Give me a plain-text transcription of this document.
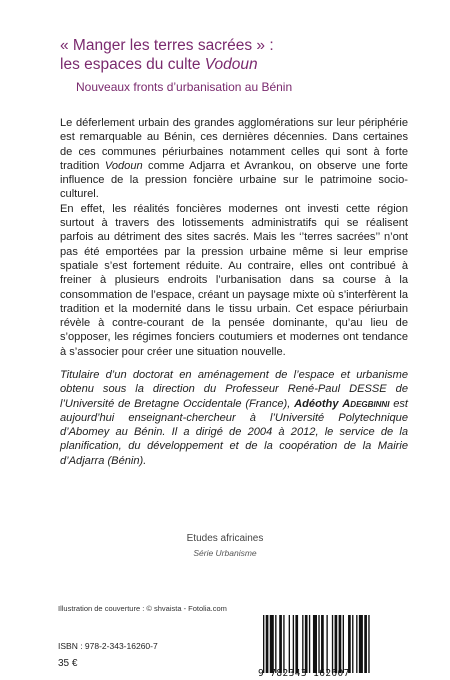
« Manger les terres sacrées » :
les espaces du culte Vodoun
Nouveaux fronts d’urbanisation au Bénin

Le déferlement urbain des grandes agglomérations sur leur périphérie est remarquable au Bénin, ces dernières décennies. Dans certaines de ces communes périurbaines notamment celles qui sont à forte tradition Vodoun comme Adjarra et Avrankou, on observe une forte influence de la pression foncière urbaine sur le patrimoine socio-culturel.

En effet, les réalités foncières modernes ont investi cette région surtout à travers des lotissements administratifs qui se réalisent parfois au détriment des sites sacrés. Mais les ‘’terres sacrées’’ n’ont pas été emportées par la pression urbaine même si leur emprise spatiale s’est fortement réduite. Au contraire, elles ont contribué à freiner à plusieurs endroits l’urbanisation dans sa course à la consommation de l’espace, créant un paysage mixte où s’interfèrent la tradition et la modernité dans le tissu urbain. Cet espace périurbain révèle à contre-courant de la pensée dominante, qu’au lieu de s’opposer, les régimes fonciers coutumiers et modernes ont tendance à s’associer pour créer une situation nouvelle.

Titulaire d’un doctorat en aménagement de l’espace et urbanisme obtenu sous la direction du Professeur René-Paul DESSE de l’Université de Bretagne Occidentale (France), Adéothy Adegbinni est aujourd’hui enseignant-chercheur à l’Université Polytechnique d’Abomey au Bénin. Il a dirigé de 2004 à 2012, le service de la planification, du développement et de la coopération de la Mairie d’Adjarra (Bénin).
Etudes africaines
Série Urbanisme
Illustration de couverture : © shvaista - Fotolia.com
ISBN : 978-2-343-16260-7
35 €
9 782343 162607
